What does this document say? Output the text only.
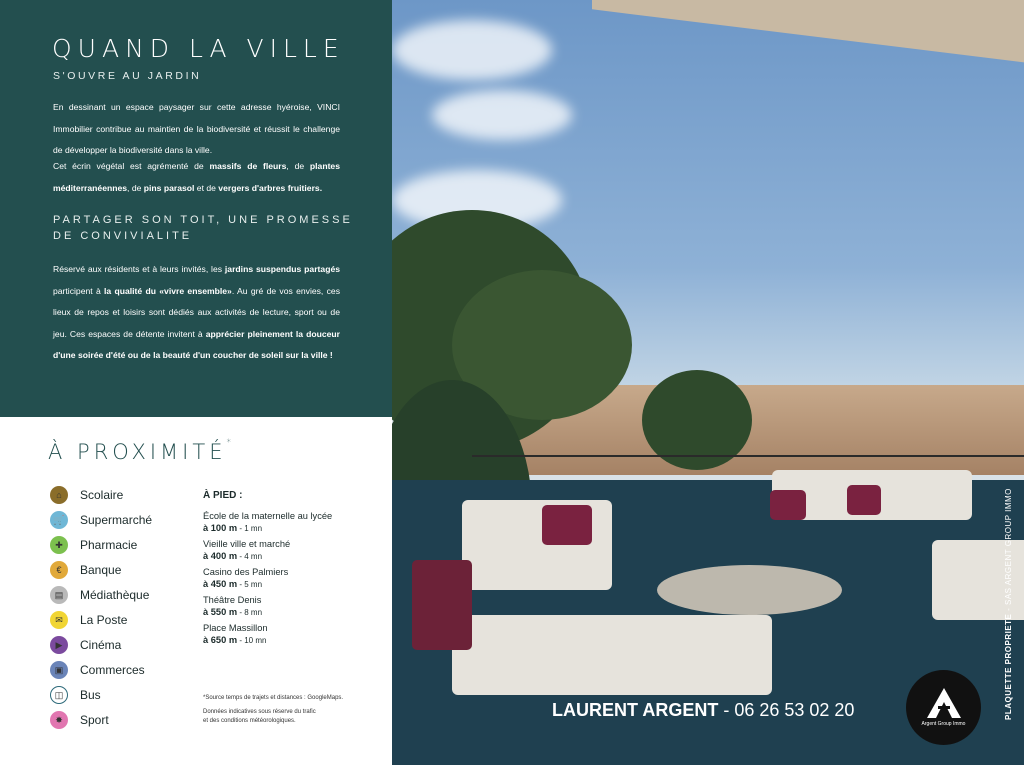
QUAND LA VILLE
S'OUVRE AU JARDIN

En dessinant un espace paysager sur cette adresse hyéroise, VINCI Immobilier contribue au maintien de la biodiversité et réussit le challenge de développer la biodiversité dans la ville.

Cet écrin végétal est agrémenté de massifs de fleurs, de plantes méditerranéennes, de pins parasol et de vergers d'arbres fruitiers.

PARTAGER SON TOIT, UNE PROMESSE DE CONVIVIALITE

Réservé aux résidents et à leurs invités, les jardins suspendus partagés participent à la qualité du «vivre ensemble». Au gré de vos envies, ces lieux de repos et loisirs sont dédiés aux activités de lecture, sport ou de jeu. Ces espaces de détente invitent à apprécier pleinement la douceur d'une soirée d'été ou de la beauté d'un coucher de soleil sur la ville !

À PROXIMITÉ*
⌂	Scolaire
🛒 Supermarché
✚	Pharmacie
€	Banque
▤	Médiathèque
✉	La Poste
▶	Cinéma
▣	Commerces
◫	Bus
✸	Sport
À PIED :
École de la maternelle au lycée
à 100 m - 1 mn
Vieille ville et marché
à 400 m - 4 mn
Casino des Palmiers
à 450 m - 5 mn
Théâtre Denis
à 550 m - 8 mn
Place Massillon
à 650 m - 10 mn
*Source temps de trajets et distances : GoogleMaps.
Données indicatives sous réserve du trafic
et des conditions météorologiques.
LAURENT ARGENT - 06 26 53 02 20
Argent Group Immo
PLAQUETTE PROPRIETE - SAS ARGENT GROUP IMMO
